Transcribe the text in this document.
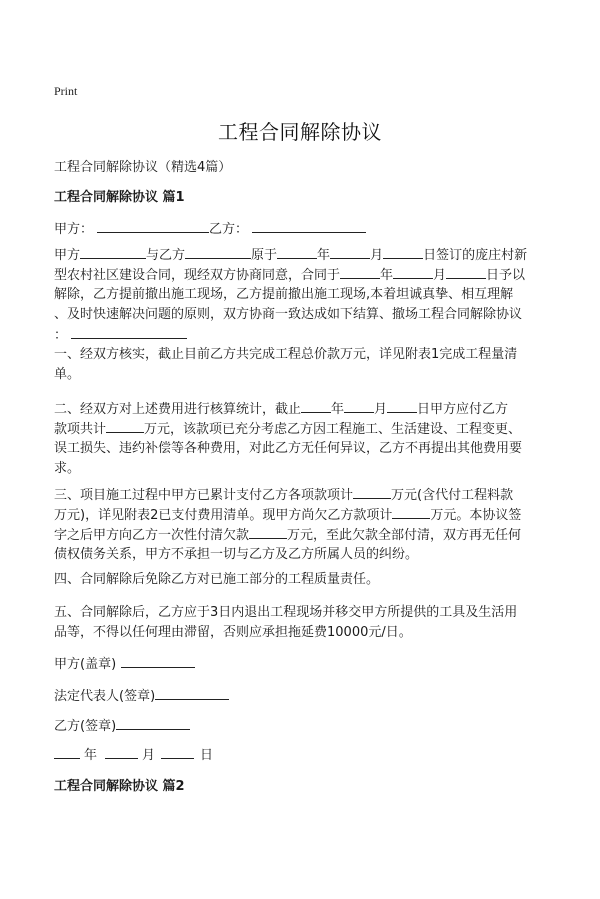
Print
工程合同解除协议
工程合同解除协议（精选4篇）
工程合同解除协议 篇1
甲方：	乙方：
甲方	与乙方	原于	年	月	日签订的庞庄村新
型农村社区建设合同，现经双方协商同意，合同于	年	月	日予以
解除，乙方提前撤出施工现场，乙方提前撤出施工现场,本着坦诚真挚、相互理解
、及时快速解决问题的原则，双方协商一致达成如下结算、撤场工程合同解除协议
：
一、经双方核实，截止目前乙方共完成工程总价款万元，详见附表1完成工程量清
单。
二、经双方对上述费用进行核算统计，截止 年 月 日甲方应付乙方
款项共计	万元，该款项已充分考虑乙方因工程施工、生活建设、工程变更、
误工损失、违约补偿等各种费用，对此乙方无任何异议，乙方不再提出其他费用要
求。
三、项目施工过程中甲方已累计支付乙方各项款项计	万元(含代付工程料款
万元)，详见附表2已支付费用清单。现甲方尚欠乙方款项计	万元。本协议签
字之后甲方向乙方一次性付清欠款	万元，至此欠款全部付清，双方再无任何
债权债务关系，甲方不承担一切与乙方及乙方所属人员的纠纷。
四、合同解除后免除乙方对已施工部分的工程质量责任。
五、合同解除后，乙方应于3日内退出工程现场并移交甲方所提供的工具及生活用
品等，不得以任何理由滞留，否则应承担拖延费10000元/日。
甲方(盖章)
法定代表人(签章)
乙方(签章)
年	月	日
工程合同解除协议 篇2
